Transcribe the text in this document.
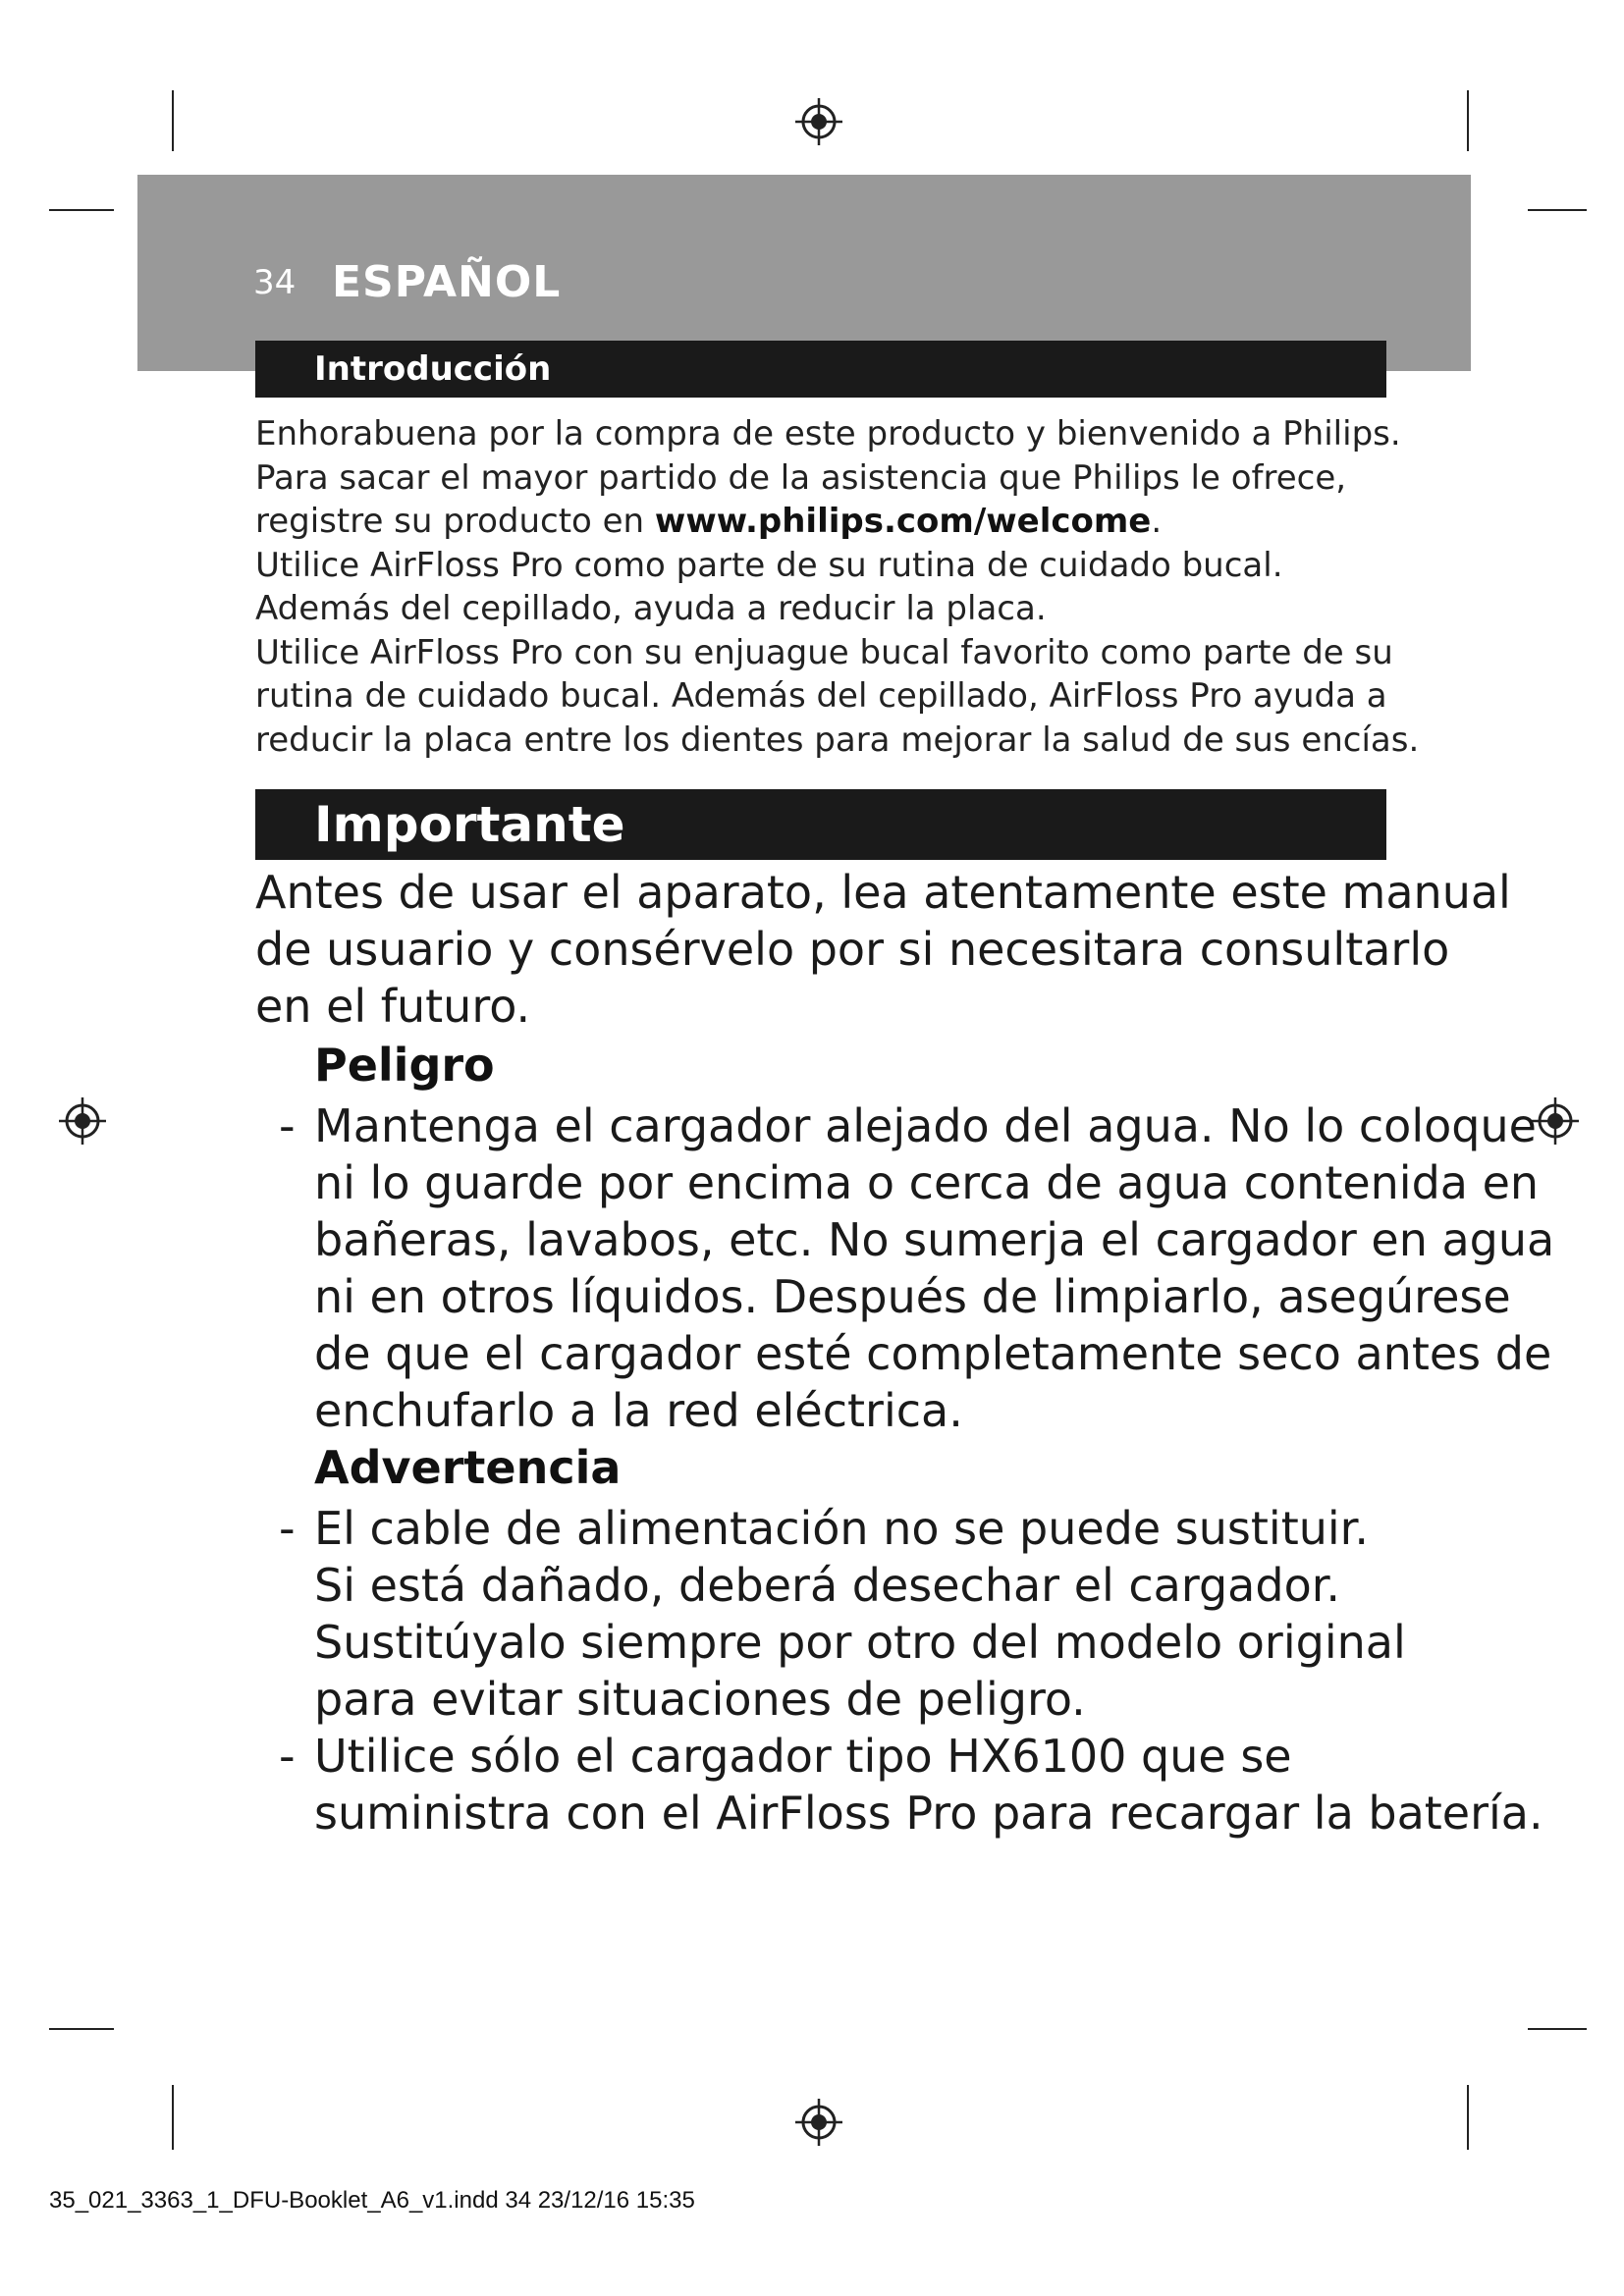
34 ESPAÑOL
Introducción

Enhorabuena por la compra de este producto y bienvenido a Philips.

Para sacar el mayor partido de la asistencia que Philips le ofrece,

registre su producto en www.philips.com/welcome.

Utilice AirFloss Pro como parte de su rutina de cuidado bucal.

Además del cepillado, ayuda a reducir la placa.

Utilice AirFloss Pro con su enjuague bucal favorito como parte de su

rutina de cuidado bucal. Además del cepillado, AirFloss Pro ayuda a

reducir la placa entre los dientes para mejorar la salud de sus encías.

Importante

Antes de usar el aparato, lea atentamente este manual

de usuario y consérvelo por si necesitara consultarlo

en el futuro.

Peligro
- Mantenga el cargador alejado del agua. No lo coloque

ni lo guarde por encima o cerca de agua contenida en

bañeras, lavabos, etc. No sumerja el cargador en agua

ni en otros líquidos. Después de limpiarlo, asegúrese

de que el cargador esté completamente seco antes de

enchufarlo a la red eléctrica.

Advertencia
- El cable de alimentación no se puede sustituir.

Si está dañado, deberá desechar el cargador.

Sustitúyalo siempre por otro del modelo original

para evitar situaciones de peligro.

- Utilice sólo el cargador tipo HX6100 que se

suministra con el AirFloss Pro para recargar la batería.

35_021_3363_1_DFU-Booklet_A6_v1.indd 34 23/12/16 15:35
